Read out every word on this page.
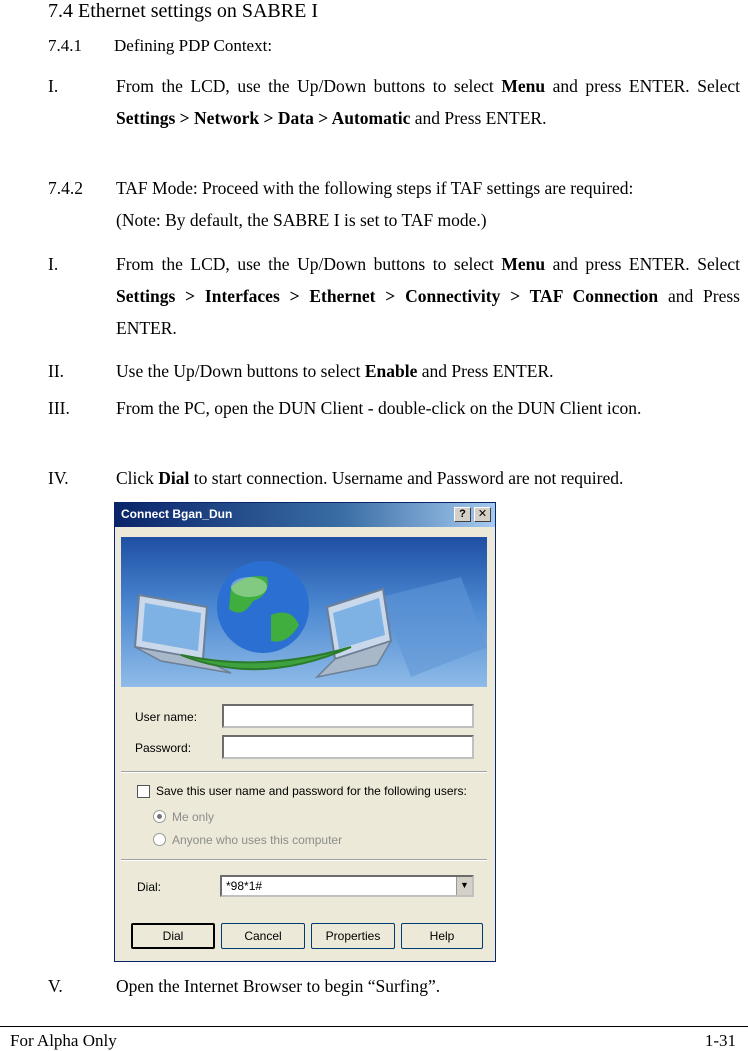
7.4 Ethernet settings on SABRE I
7.4.1 Defining PDP Context:
I.	From the LCD, use the Up/Down buttons to select Menu and press ENTER. Select Settings > Network > Data > Automatic and Press ENTER.
7.4.2 TAF Mode: Proceed with the following steps if TAF settings are required:
(Note: By default, the SABRE I is set to TAF mode.)
I.	From the LCD, use the Up/Down buttons to select Menu and press ENTER. Select Settings > Interfaces > Ethernet > Connectivity > TAF Connection and Press ENTER.
II.	Use the Up/Down buttons to select Enable and Press ENTER.
III.	From the PC, open the DUN Client - double-click on the DUN Client icon.
IV.	Click Dial to start connection. Username and Password are not required.
Connect Bgan_Dun	?	✕
User name:
Password:
Save this user name and password for the following users:
Me only
Anyone who uses this computer
Dial:	*98*1#	▼
Dial	Cancel	Properties	Help
V.	Open the Internet Browser to begin “Surfing”.
For Alpha Only	1-31
